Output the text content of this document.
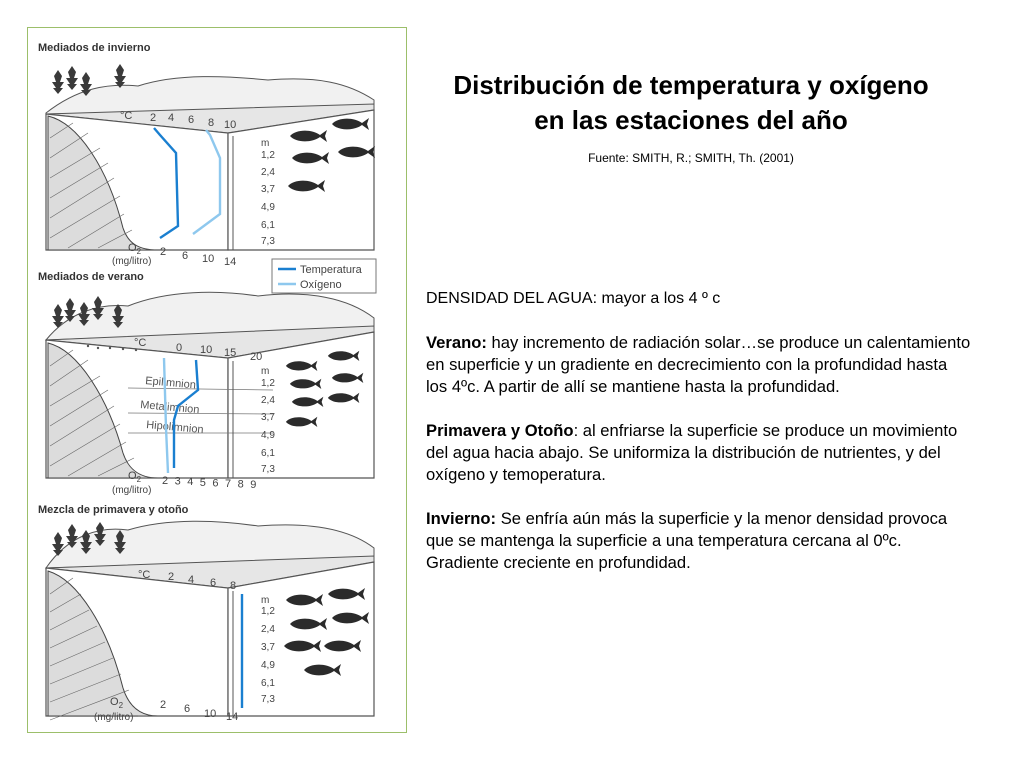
Mediados de invierno
°C 2 4 6 8 10
m
1,2
2,4
3,7
4,9
6,1
7,3
$O_2$
(mg/litro)
2 6 10 14
Temperatura
Oxígeno
Mediados de verano
Epilimnion
Metalimnion
Hipolimnion
°C	0 10 15 20
m
1,2
2,4
3,7
4,9
6,1
7,3
$O_2$
(mg/litro)
2 3 4 5 6 7 8 9
Mezcla de primavera y otoño
°C 2 4 6 8
m
1,2
2,4
3,7
4,9
6,1
7,3
$O_2$
(mg/litro)
2 6 10 14
Distribución de temperatura y oxígeno
en las estaciones del año
Fuente: SMITH, R.; SMITH, Th. (2001)

DENSIDAD DEL AGUA: mayor a los 4 º c

Verano: hay incremento de radiación solar…se produce un calentamiento en superficie y un gradiente en decrecimiento con la profundidad hasta los 4ºc. A partir de allí se mantiene hasta la profundidad.

Primavera y Otoño: al enfriarse la superficie se produce un movimiento del agua hacia abajo. Se uniformiza la distribución de nutrientes, y del oxígeno y temoperatura.

Invierno: Se enfría aún más la superficie y la menor densidad provoca que se mantenga la superficie a una temperatura cercana al 0ºc. Gradiente creciente en profundidad.
